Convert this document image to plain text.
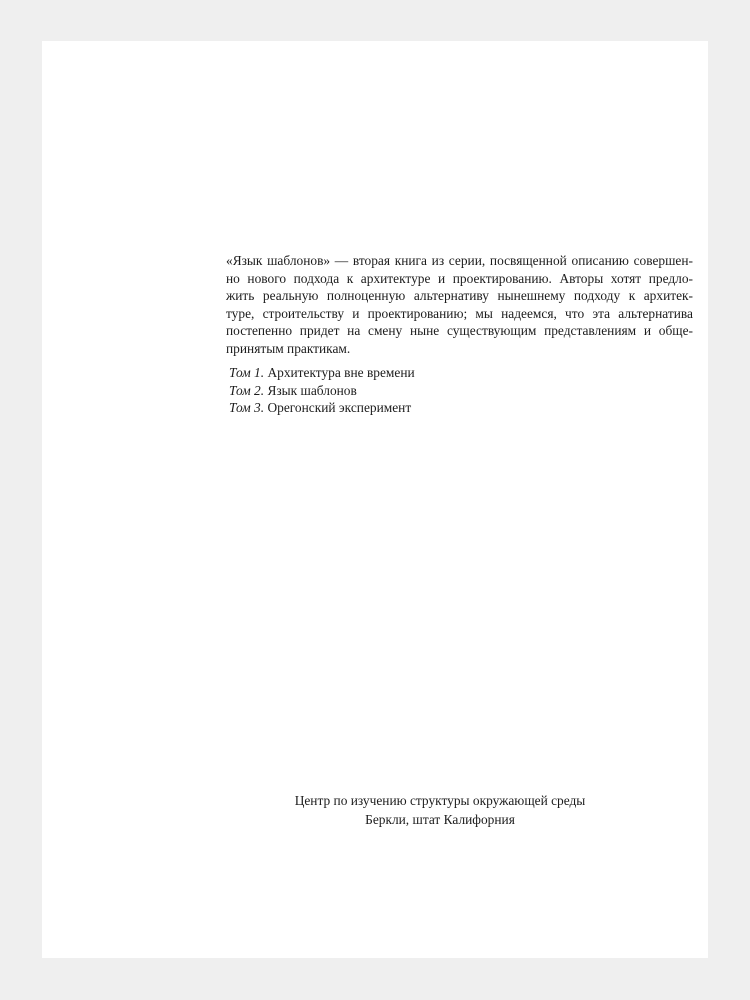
«Язык шаблонов» — вторая книга из серии, посвященной описанию совершен-
но нового подхода к архитектуре и проектированию. Авторы хотят предло-
жить реальную полноценную альтернативу нынешнему подходу к архитек-
туре, строительству и проектированию; мы надеемся, что эта альтернатива
постепенно придет на смену ныне существующим представлениям и обще-
принятым практикам.

Том 1. Архитектура вне времени
Том 2. Язык шаблонов
Том 3. Орегонский эксперимент
Центр по изучению структуры окружающей среды
Беркли, штат Калифорния
